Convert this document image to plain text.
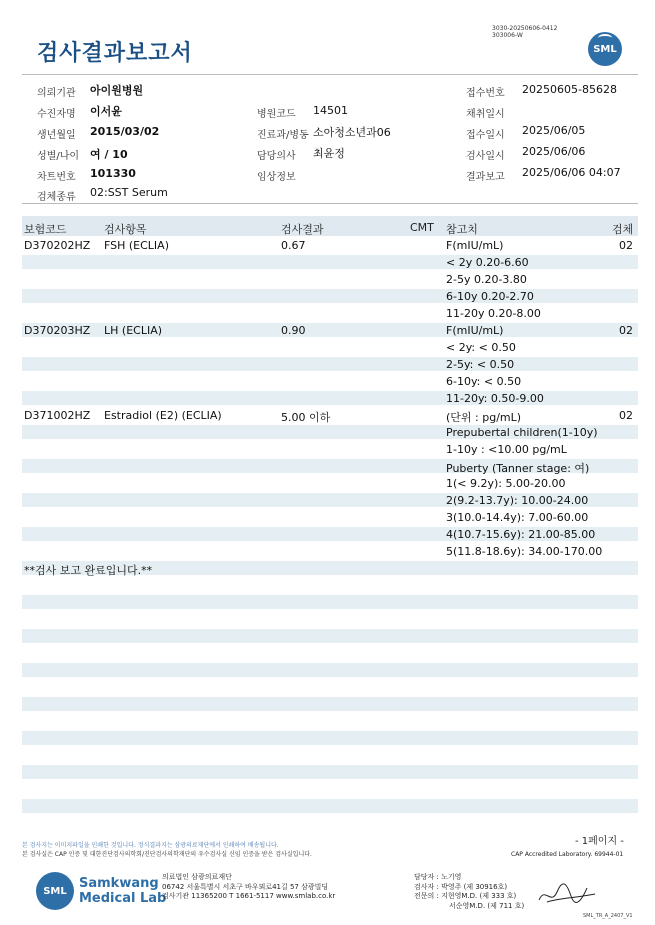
3030-20250606-0412
303006-W
검사결과보고서	SML
의뢰기관 아이원병원
수진자명 이서윤
생년월일 2015/03/02
성별/나이 여 / 10
차트번호 101330
검체종류 02:SST Serum
병원코드 14501
진료과/병동 소아청소년과06
담당의사 최윤정
임상정보
접수번호 20250605-85628
채취일시
접수일시 2025/06/05
검사일시 2025/06/06
결과보고 2025/06/06 04:07
보험코드	검사항목	검사결과	CMT 참고치	검체
D370202HZ FSH (ECLIA)	0.67	F(mIU/mL)	02
< 2y 0.20-6.60
2-5y 0.20-3.80
6-10y 0.20-2.70
11-20y 0.20-8.00
D370203HZ LH (ECLIA)	0.90	F(mIU/mL)	02
< 2y: < 0.50
2-5y: < 0.50
6-10y: < 0.50
11-20y: 0.50-9.00
D371002HZ Estradiol (E2) (ECLIA)	5.00 이하	(단위 : pg/mL)	02
Prepubertal children(1-10y)
1-10y : <10.00 pg/mL
Puberty (Tanner stage: 여)
1(< 9.2y): 5.00-20.00
2(9.2-13.7y): 10.00-24.00
3(10.0-14.4y): 7.00-60.00
4(10.7-15.6y): 21.00-85.00
5(11.8-18.6y): 34.00-170.00
**검사 보고 완료입니다.**
본 검사지는 이미지파일을 인쇄한 것입니다. 정식결과지는 삼광의료재단에서 인쇄하여 배송됩니다.
본 검사실은 CAP 인증 및 대한진단검사의학회/진단검사의학재단의 우수검사실 신임 인증을 받은 검사실입니다.
- 1페이지 -
CAP Accredited Laboratory. 69944-01
SML Samkwang
Medical Lab
의료법인 삼광의료재단
06742 서울특별시 서초구 바우뫼로41길 57 삼광빌딩
검사기관 11365200 T 1661-5117 www.smlab.co.kr
담당자 : 노기영
검사자 : 박영주 (제 30916호)
전문의 : 지현영M.D. (제 333 호)
서순영M.D. (제 711 호)
SML_TR_A_2407_V1
